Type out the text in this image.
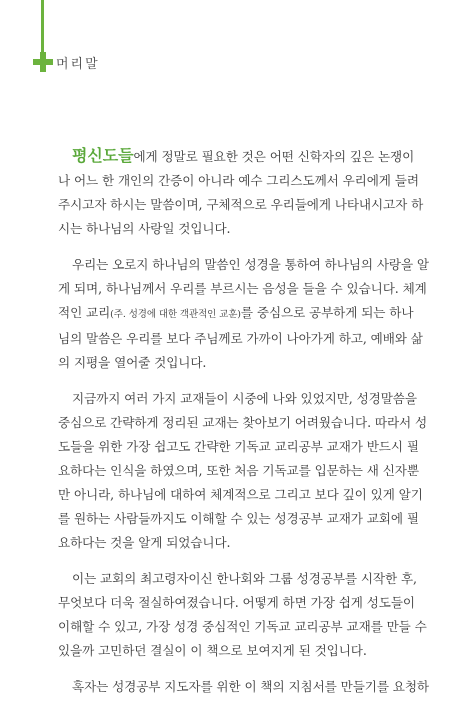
머리말
평신도들에게 정말로 필요한 것은 어떤 신학자의 깊은 논쟁이
나 어느 한 개인의 간증이 아니라 예수 그리스도께서 우리에게 들려
주시고자 하시는 말씀이며, 구체적으로 우리들에게 나타내시고자 하
시는 하나님의 사랑일 것입니다.
우리는 오로지 하나님의 말씀인 성경을 통하여 하나님의 사랑을 알
게 되며, 하나님께서 우리를 부르시는 음성을 들을 수 있습니다. 체계
적인 교리(주. 성경에 대한 객관적인 교훈)를 중심으로 공부하게 되는 하나
님의 말씀은 우리를 보다 주님께로 가까이 나아가게 하고, 예배와 삶
의 지평을 열어줄 것입니다.
지금까지 여러 가지 교재들이 시중에 나와 있었지만, 성경말씀을
중심으로 간략하게 정리된 교재는 찾아보기 어려웠습니다. 따라서 성
도들을 위한 가장 쉽고도 간략한 기독교 교리공부 교재가 반드시 필
요하다는 인식을 하였으며, 또한 처음 기독교를 입문하는 새 신자뿐
만 아니라, 하나님에 대하여 체계적으로 그리고 보다 깊이 있게 알기
를 원하는 사람들까지도 이해할 수 있는 성경공부 교재가 교회에 필
요하다는 것을 알게 되었습니다.
이는 교회의 최고령자이신 한나회와 그룹 성경공부를 시작한 후,
무엇보다 더욱 절실하여졌습니다. 어떻게 하면 가장 쉽게 성도들이
이해할 수 있고, 가장 성경 중심적인 기독교 교리공부 교재를 만들 수
있을까 고민하던 결실이 이 책으로 보여지게 된 것입니다.
혹자는 성경공부 지도자를 위한 이 책의 지침서를 만들기를 요청하
